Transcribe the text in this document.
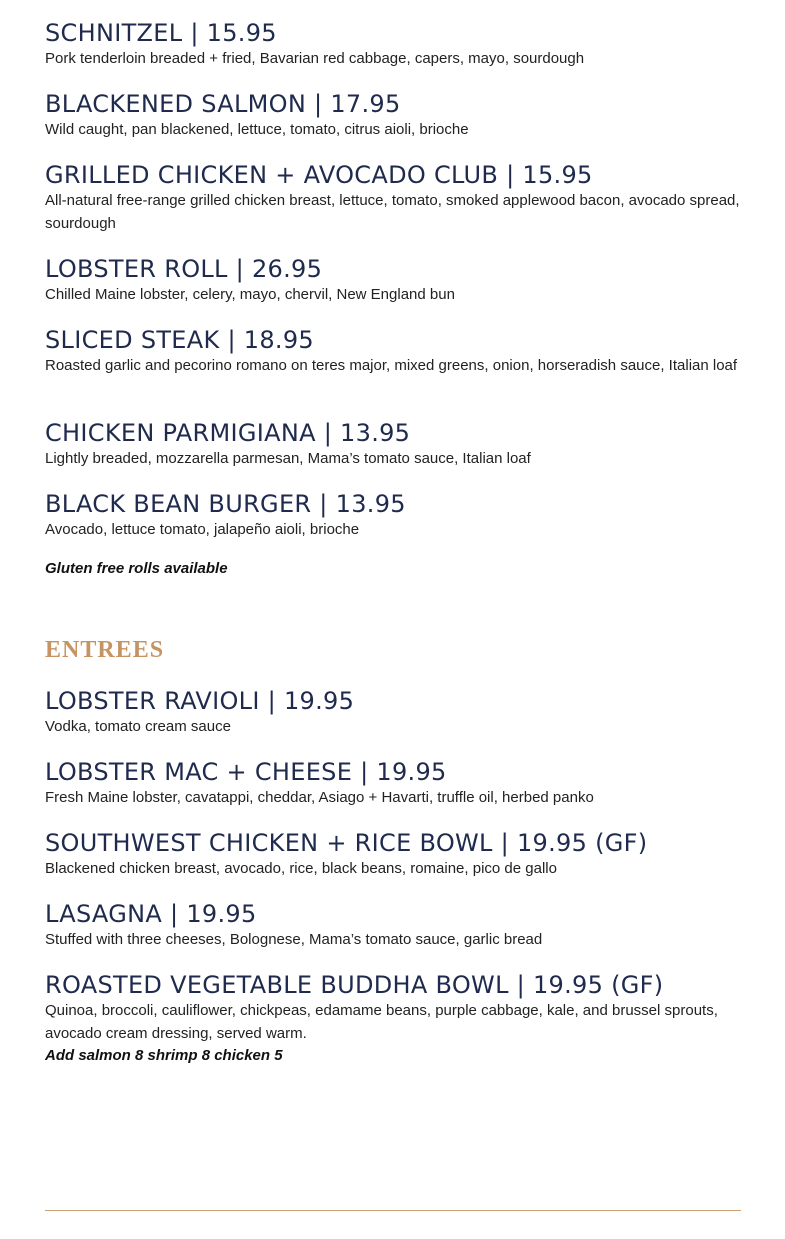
SCHNITZEL | 15.95

Pork tenderloin breaded + fried, Bavarian red cabbage, capers, mayo, sourdough

BLACKENED SALMON | 17.95

Wild caught, pan blackened, lettuce, tomato, citrus aioli, brioche

GRILLED CHICKEN + AVOCADO CLUB | 15.95

All-natural free-range grilled chicken breast, lettuce, tomato, smoked applewood bacon, avocado spread, sourdough

LOBSTER ROLL | 26.95

Chilled Maine lobster, celery, mayo, chervil, New England bun

SLICED STEAK | 18.95

Roasted garlic and pecorino romano on teres major, mixed greens, onion, horseradish sauce, Italian loaf

CHICKEN PARMIGIANA | 13.95

Lightly breaded, mozzarella parmesan, Mama’s tomato sauce, Italian loaf

BLACK BEAN BURGER | 13.95

Avocado, lettuce tomato, jalapeño aioli, brioche

Gluten free rolls available

ENTREES
LOBSTER RAVIOLI | 19.95

Vodka, tomato cream sauce

LOBSTER MAC + CHEESE | 19.95

Fresh Maine lobster, cavatappi, cheddar, Asiago + Havarti, truffle oil, herbed panko

SOUTHWEST CHICKEN + RICE BOWL | 19.95 (GF)

Blackened chicken breast, avocado, rice, black beans, romaine, pico de gallo

LASAGNA | 19.95

Stuffed with three cheeses, Bolognese, Mama’s tomato sauce, garlic bread

ROASTED VEGETABLE BUDDHA BOWL | 19.95 (GF)

Quinoa, broccoli, cauliflower, chickpeas, edamame beans, purple cabbage, kale, and brussel sprouts, avocado cream dressing, served warm.

Add salmon 8 shrimp 8 chicken 5
